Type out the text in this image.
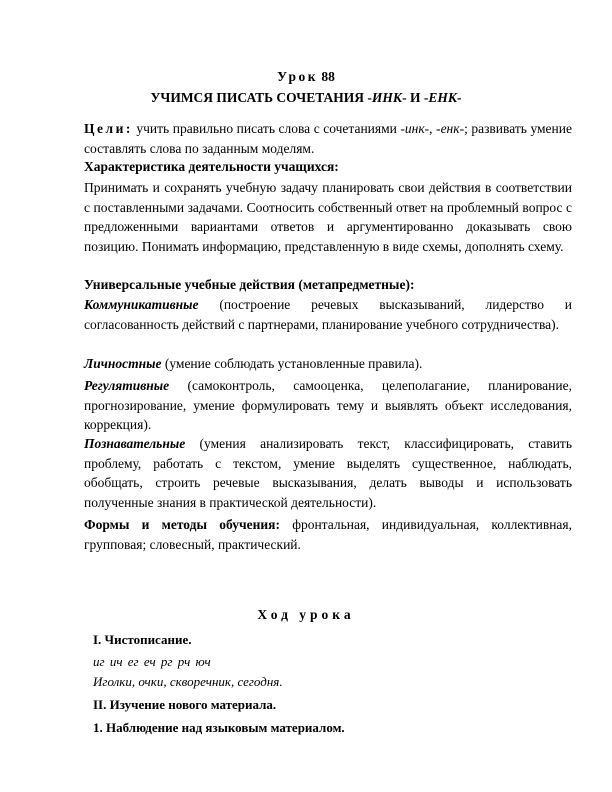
Урок 88
УЧИМСЯ ПИСАТЬ СОЧЕТАНИЯ -ИНК- И -ЕНК-
Цели: учить правильно писать слова с сочетаниями -инк-, -енк-; развивать умение составлять слова по заданным моделям.
Характеристика деятельности учащихся:
Принимать и сохранять учебную задачу планировать свои действия в соответствии с поставленными задачами. Соотносить собственный ответ на проблемный вопрос с предложенными вариантами ответов и аргументированно доказывать свою позицию. Понимать информацию, представленную в виде схемы, дополнять схему.
Универсальные учебные действия (метапредметные):
Коммуникативные (построение речевых высказываний, лидерство и согласованность действий с партнерами, планирование учебного сотрудничества).
Личностные (умение соблюдать установленные правила).
Регулятивные (самоконтроль, самооценка, целеполагание, планирование, прогнозирование, умение формулировать тему и выявлять объект исследования, коррекция).
Познавательные (умения анализировать текст, классифицировать, ставить проблему, работать с текстом, умение выделять существенное, наблюдать, обобщать, строить речевые высказывания, делать выводы и использовать полученные знания в практической деятельности).
Формы и методы обучения: фронтальная, индивидуальная, коллективная, групповая; словесный, практический.
Ход урока
I. Чистописание.
иг ич ег еч рг рч юч
Иголки, очки, скворечник, сегодня.
II. Изучение нового материала.
1. Наблюдение над языковым материалом.
